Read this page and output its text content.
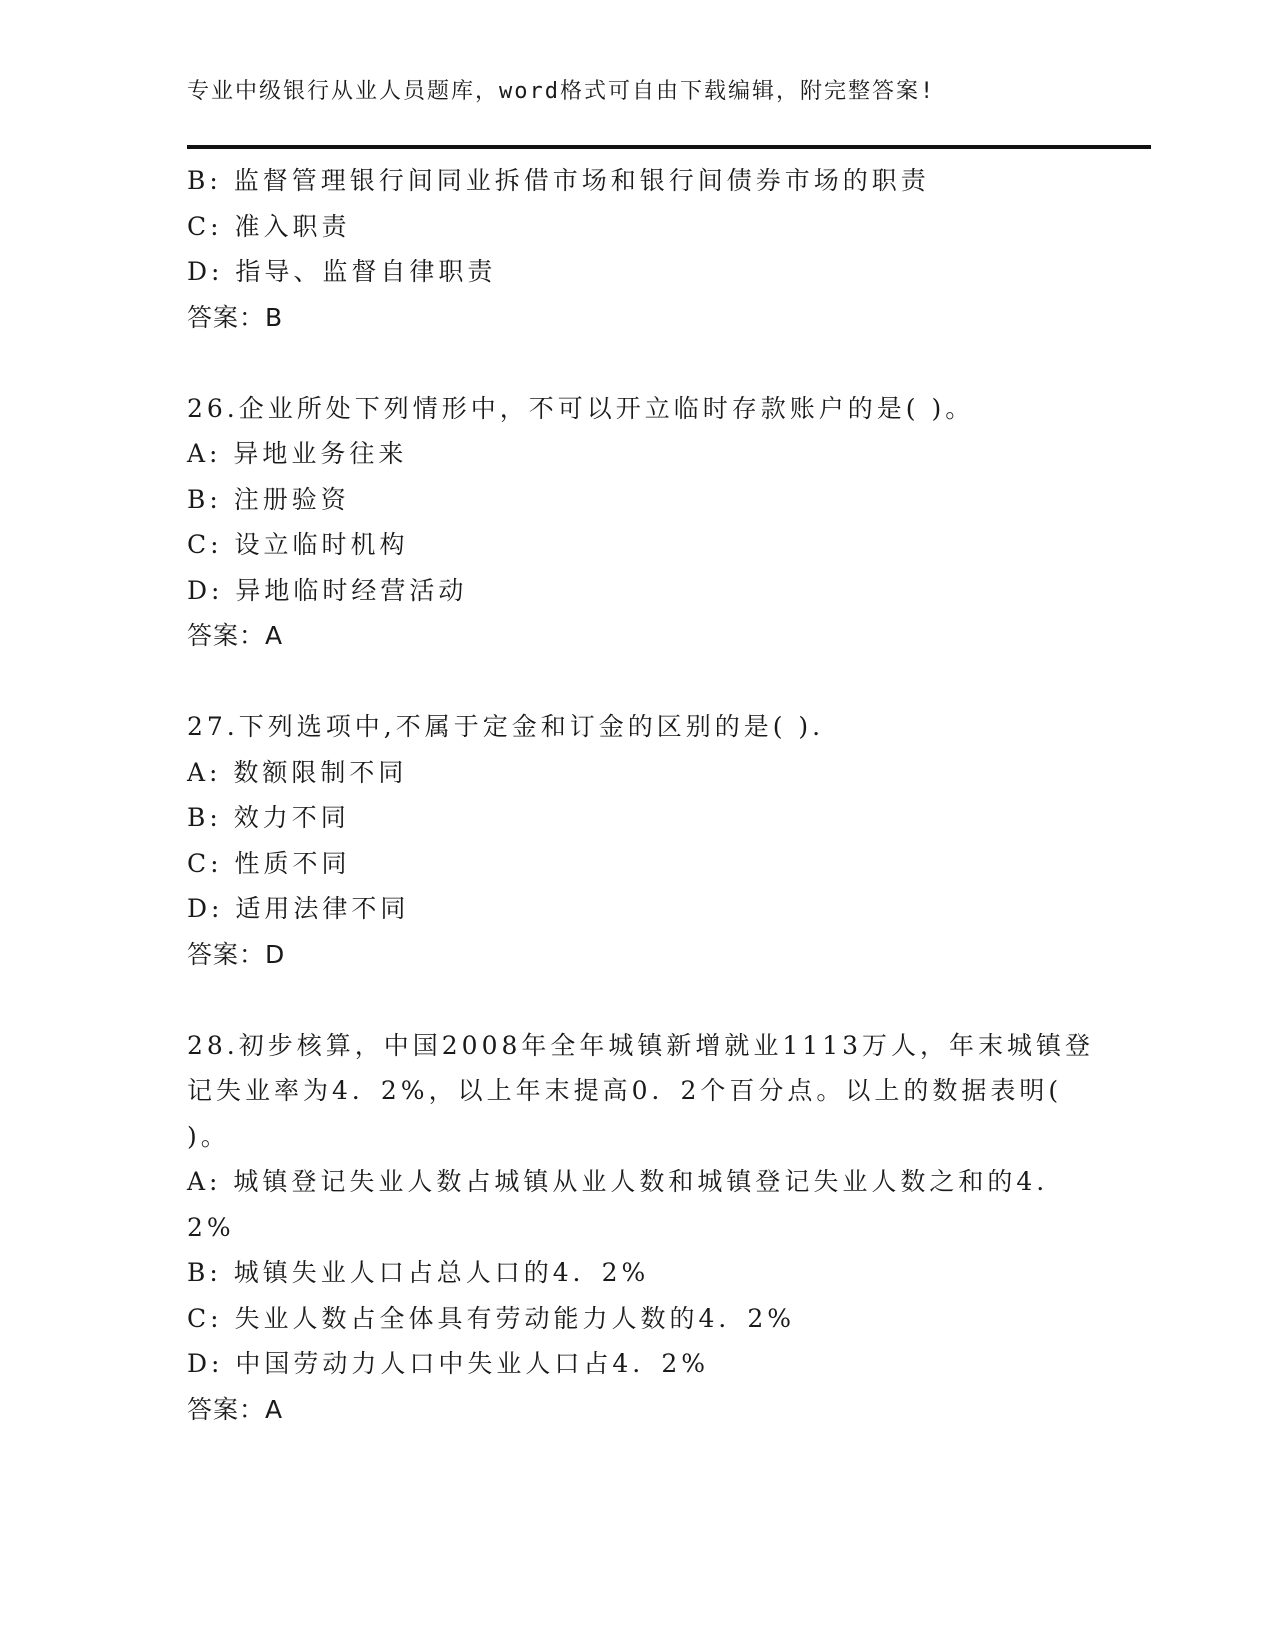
专业中级银行从业人员题库，word格式可自由下载编辑，附完整答案!
B: 监督管理银行间同业拆借市场和银行间债券市场的职责
C: 准入职责
D: 指导、监督自律职责
答案：B
26.企业所处下列情形中，不可以开立临时存款账户的是( )。
A: 异地业务往来
B: 注册验资
C: 设立临时机构
D: 异地临时经营活动
答案：A
27.下列选项中,不属于定金和订金的区别的是( ).
A: 数额限制不同
B: 效力不同
C: 性质不同
D: 适用法律不同
答案：D
28.初步核算，中国2008年全年城镇新增就业1113万人，年末城镇登
记失业率为4．2%，以上年末提高0．2个百分点。以上的数据表明(
)。
A: 城镇登记失业人数占城镇从业人数和城镇登记失业人数之和的4．
2%
B: 城镇失业人口占总人口的4．2%
C: 失业人数占全体具有劳动能力人数的4．2%
D: 中国劳动力人口中失业人口占4．2%
答案：A
